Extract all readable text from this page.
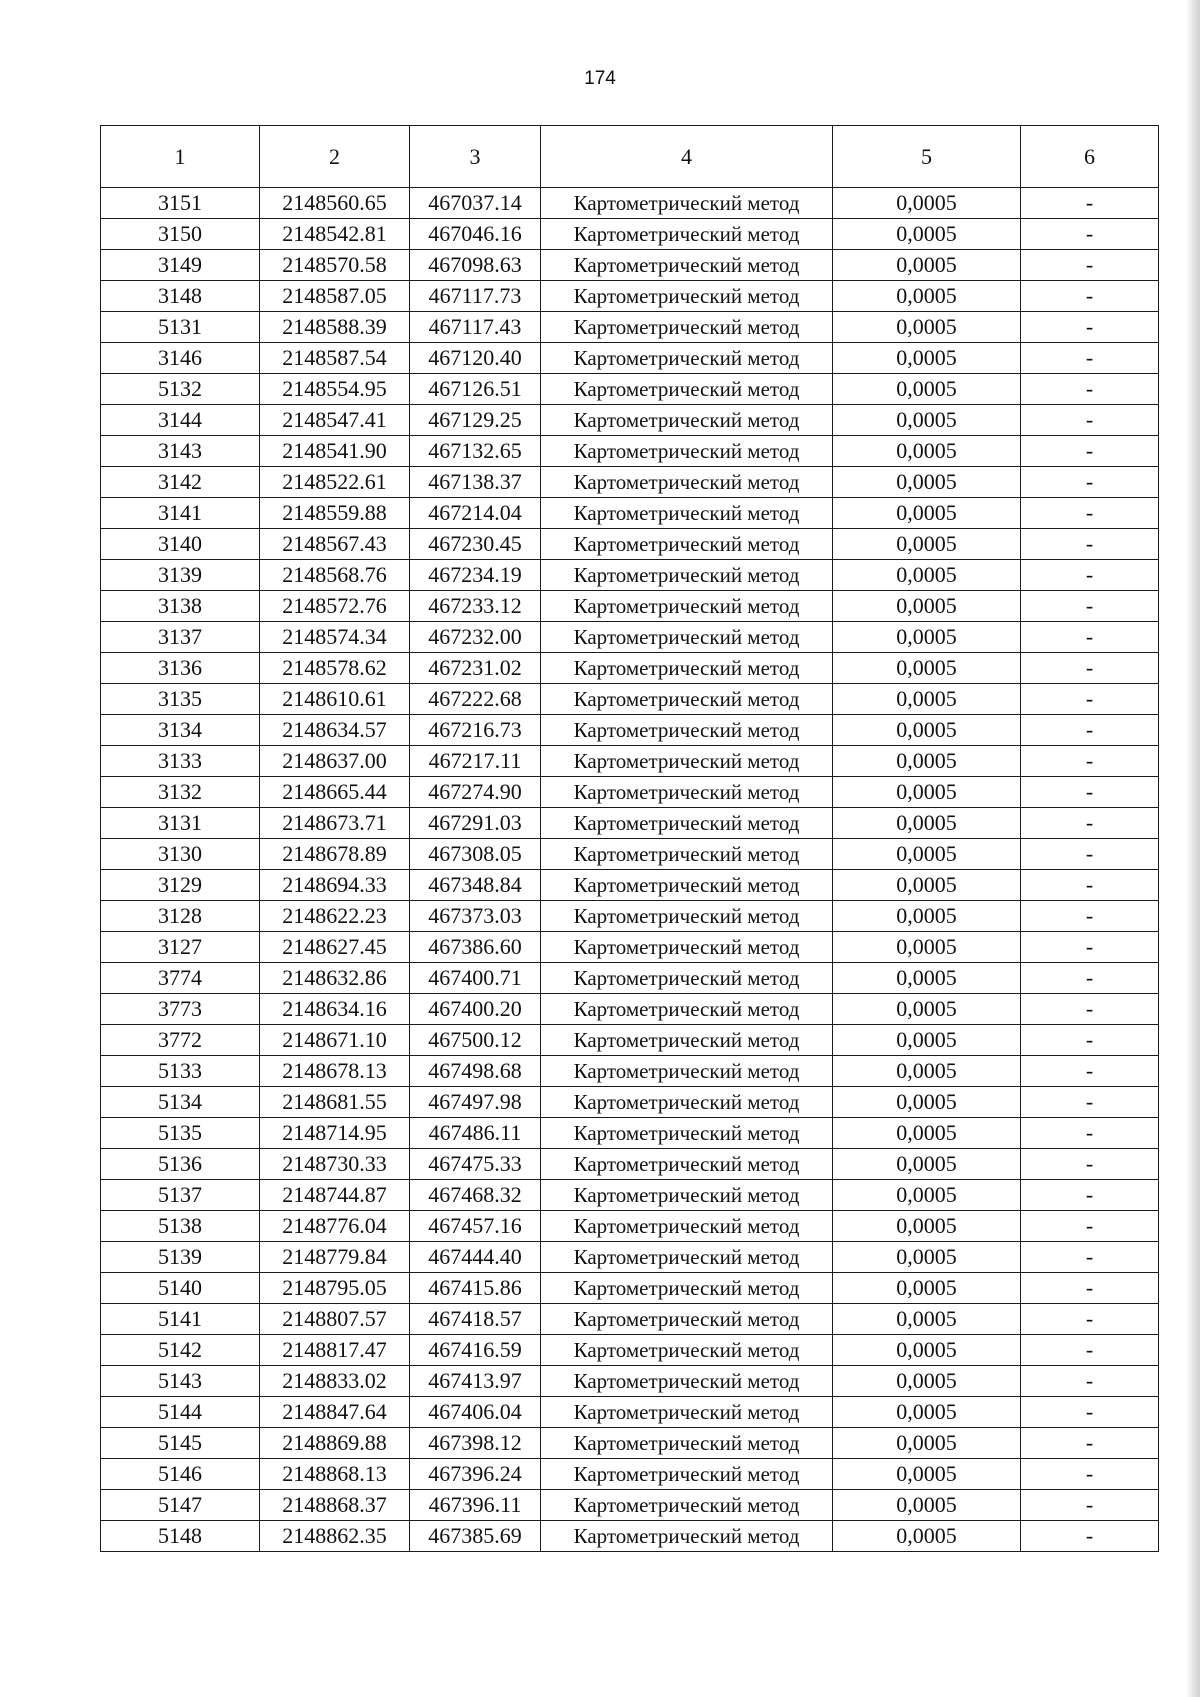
174
1	2	3	4	5	6
3151	2148560.65	467037.14	Картометрический метод	0,0005	-
3150	2148542.81	467046.16	Картометрический метод	0,0005	-
3149	2148570.58	467098.63	Картометрический метод	0,0005	-
3148	2148587.05	467117.73	Картометрический метод	0,0005	-
5131	2148588.39	467117.43	Картометрический метод	0,0005	-
3146	2148587.54	467120.40	Картометрический метод	0,0005	-
5132	2148554.95	467126.51	Картометрический метод	0,0005	-
3144	2148547.41	467129.25	Картометрический метод	0,0005	-
3143	2148541.90	467132.65	Картометрический метод	0,0005	-
3142	2148522.61	467138.37	Картометрический метод	0,0005	-
3141	2148559.88	467214.04	Картометрический метод	0,0005	-
3140	2148567.43	467230.45	Картометрический метод	0,0005	-
3139	2148568.76	467234.19	Картометрический метод	0,0005	-
3138	2148572.76	467233.12	Картометрический метод	0,0005	-
3137	2148574.34	467232.00	Картометрический метод	0,0005	-
3136	2148578.62	467231.02	Картометрический метод	0,0005	-
3135	2148610.61	467222.68	Картометрический метод	0,0005	-
3134	2148634.57	467216.73	Картометрический метод	0,0005	-
3133	2148637.00	467217.11	Картометрический метод	0,0005	-
3132	2148665.44	467274.90	Картометрический метод	0,0005	-
3131	2148673.71	467291.03	Картометрический метод	0,0005	-
3130	2148678.89	467308.05	Картометрический метод	0,0005	-
3129	2148694.33	467348.84	Картометрический метод	0,0005	-
3128	2148622.23	467373.03	Картометрический метод	0,0005	-
3127	2148627.45	467386.60	Картометрический метод	0,0005	-
3774	2148632.86	467400.71	Картометрический метод	0,0005	-
3773	2148634.16	467400.20	Картометрический метод	0,0005	-
3772	2148671.10	467500.12	Картометрический метод	0,0005	-
5133	2148678.13	467498.68	Картометрический метод	0,0005	-
5134	2148681.55	467497.98	Картометрический метод	0,0005	-
5135	2148714.95	467486.11	Картометрический метод	0,0005	-
5136	2148730.33	467475.33	Картометрический метод	0,0005	-
5137	2148744.87	467468.32	Картометрический метод	0,0005	-
5138	2148776.04	467457.16	Картометрический метод	0,0005	-
5139	2148779.84	467444.40	Картометрический метод	0,0005	-
5140	2148795.05	467415.86	Картометрический метод	0,0005	-
5141	2148807.57	467418.57	Картометрический метод	0,0005	-
5142	2148817.47	467416.59	Картометрический метод	0,0005	-
5143	2148833.02	467413.97	Картометрический метод	0,0005	-
5144	2148847.64	467406.04	Картометрический метод	0,0005	-
5145	2148869.88	467398.12	Картометрический метод	0,0005	-
5146	2148868.13	467396.24	Картометрический метод	0,0005	-
5147	2148868.37	467396.11	Картометрический метод	0,0005	-
5148	2148862.35	467385.69	Картометрический метод	0,0005	-
